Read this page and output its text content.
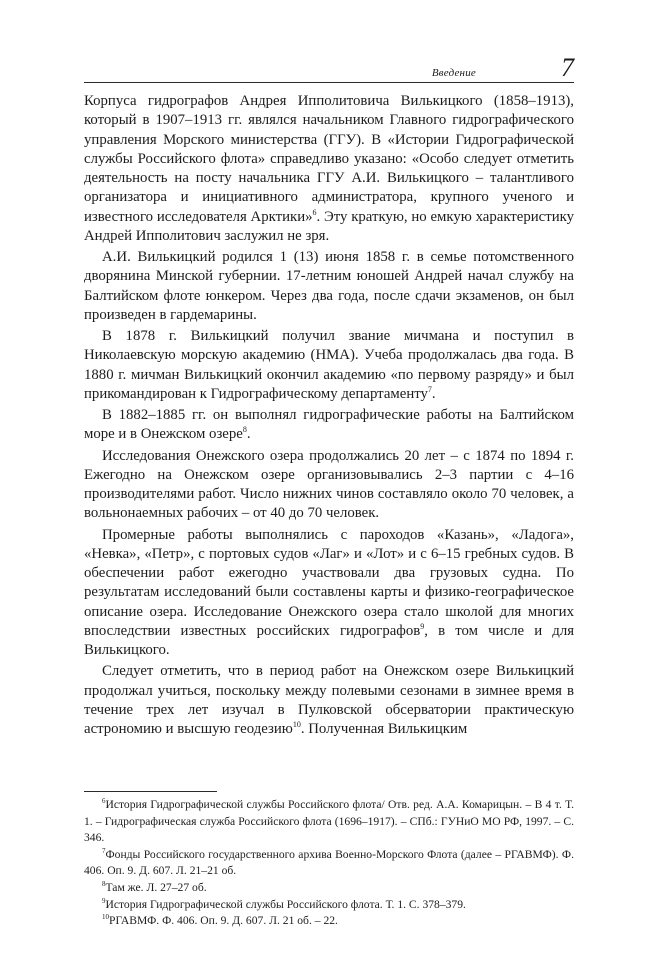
Введение	7

Корпуса гидрографов Андрея Ипполитовича Вилькицкого (1858–1913), который в 1907–1913 гг. являлся начальником Главного гидрографического управления Морского министерства (ГГУ). В «Истории Гидрографической службы Российского флота» справедливо указано: «Особо следует отметить деятельность на посту начальника ГГУ А.И. Вилькицкого – талантливого организатора и инициативного администратора, крупного ученого и известного исследователя Арктики»$^6$. Эту краткую, но емкую характеристику Андрей Ипполитович заслужил не зря.

А.И. Вилькицкий родился 1 (13) июня 1858 г. в семье потомственного дворянина Минской губернии. 17-летним юношей Андрей начал службу на Балтийском флоте юнкером. Через два года, после сдачи экзаменов, он был произведен в гардемарины.

В 1878 г. Вилькицкий получил звание мичмана и поступил в Николаевскую морскую академию (НМА). Учеба продолжалась два года. В 1880 г. мичман Вилькицкий окончил академию «по первому разряду» и был прикомандирован к Гидрографическому департаменту$^7$.

В 1882–1885 гг. он выполнял гидрографические работы на Балтийском море и в Онежском озере$^8$.

Исследования Онежского озера продолжались 20 лет – с 1874 по 1894 г. Ежегодно на Онежском озере организовывались 2–3 партии с 4–16 производителями работ. Число нижних чинов составляло около 70 человек, а вольнонаемных рабочих – от 40 до 70 человек.

Промерные работы выполнялись с пароходов «Казань», «Ладога», «Невка», «Петр», с портовых судов «Лаг» и «Лот» и с 6–15 гребных судов. В обеспечении работ ежегодно участвовали два грузовых судна. По результатам исследований были составлены карты и физико-географическое описание озера. Исследование Онежского озера стало школой для многих впоследствии известных российских гидрографов$^9$, в том числе и для Вилькицкого.

Следует отметить, что в период работ на Онежском озере Вилькицкий продолжал учиться, поскольку между полевыми сезонами в зимнее время в течение трех лет изучал в Пулковской обсерватории практическую астрономию и высшую геодезию$^{10}$. Полученная Вилькицким

$^6$История Гидрографической службы Российского флота/ Отв. ред. А.А. Комарицын. – В 4 т. Т. 1. – Гидрографическая служба Российского флота (1696–1917). – СПб.: ГУНиО МО РФ, 1997. – С. 346.

$^7$Фонды Российского государственного архива Военно-Морского Флота (далее – РГАВМФ). Ф. 406. Оп. 9. Д. 607. Л. 21–21 об.

$^8$Там же. Л. 27–27 об.

$^9$История Гидрографической службы Российского флота. Т. 1. С. 378–379.

$^{10}$РГАВМФ. Ф. 406. Оп. 9. Д. 607. Л. 21 об. – 22.
